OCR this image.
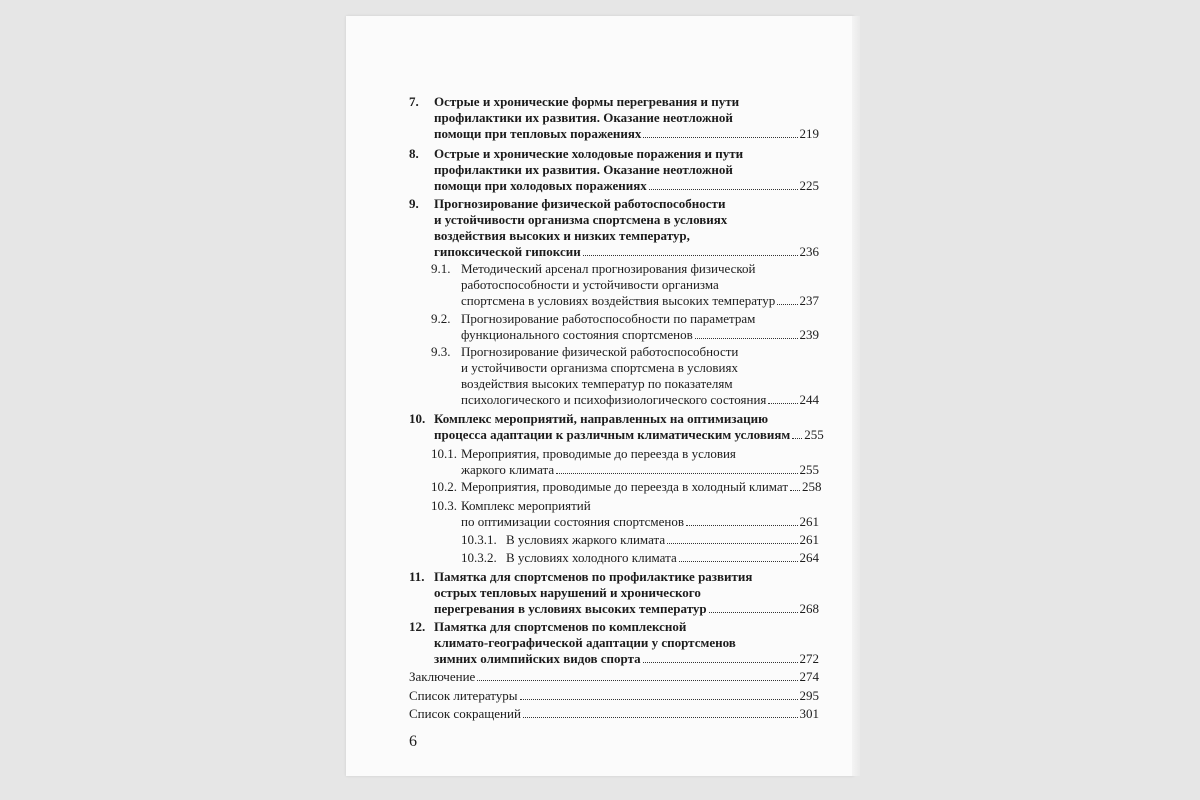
7. Острые и хронические формы перегревания и пути
профилактики их развития. Оказание неотложной
помощи при тепловых поражениях	219
8. Острые и хронические холодовые поражения и пути
профилактики их развития. Оказание неотложной
помощи при холодовых поражениях	225
9. Прогнозирование физической работоспособности
и устойчивости организма спортсмена в условиях
воздействия высоких и низких температур,
гипоксической гипоксии	236
9.1. Методический арсенал прогнозирования физической
работоспособности и устойчивости организма
спортсмена в условиях воздействия высоких температур 237
9.2. Прогнозирование работоспособности по параметрам
функционального состояния спортсменов	239
9.3. Прогнозирование физической работоспособности
и устойчивости организма спортсмена в условиях
воздействия высоких температур по показателям
психологического и психофизиологического состояния	244
10. Комплекс мероприятий, направленных на оптимизацию
процесса адаптации к различным климатическим условиям 255
10.1. Мероприятия, проводимые до переезда в условия
жаркого климата	255
10.2. Мероприятия, проводимые до переезда в холодный климат 258
10.3. Комплекс мероприятий
по оптимизации состояния спортсменов	261
10.3.1. В условиях жаркого климата	261
10.3.2. В условиях холодного климата	264
11. Памятка для спортсменов по профилактике развития
острых тепловых нарушений и хронического
перегревания в условиях высоких температур	268
12. Памятка для спортсменов по комплексной
климато-географической адаптации у спортсменов
зимних олимпийских видов спорта	272
Заключение	274
Список литературы	295
Список сокращений	301
6
